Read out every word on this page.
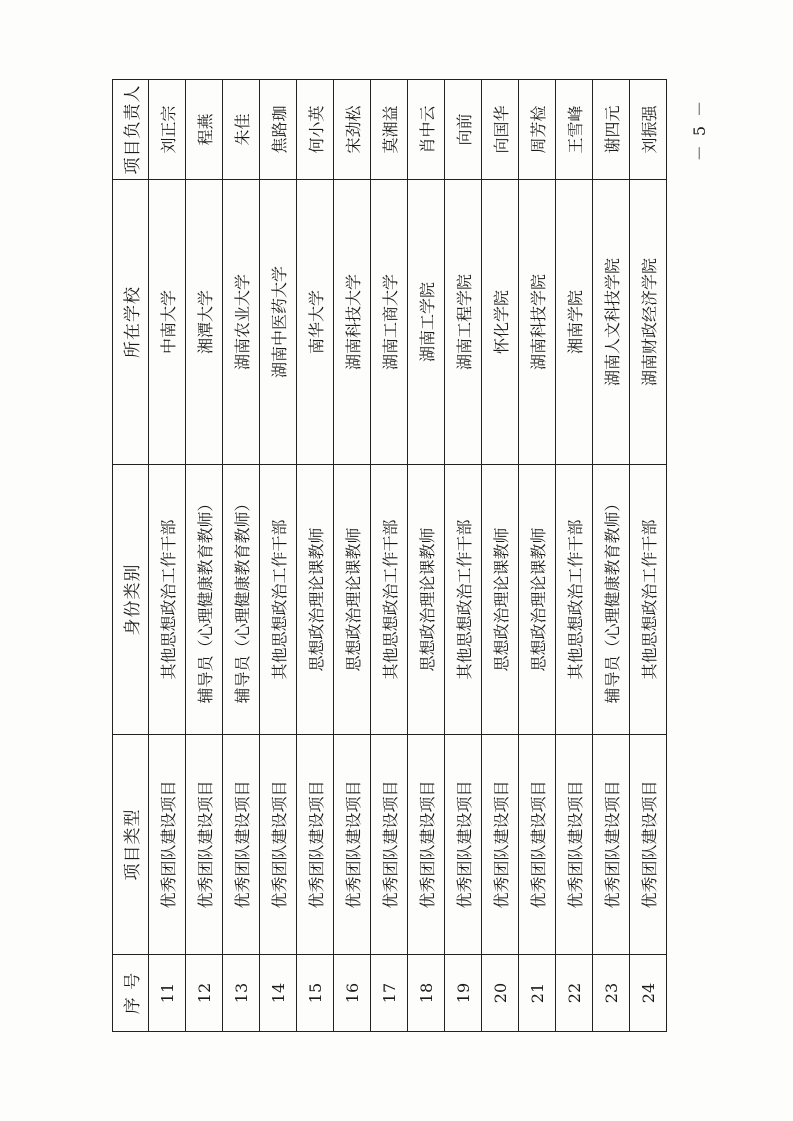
序 号	项目类型	身份类别	所在学校	项目负责人
11	优秀团队建设项目	其他思想政治工作干部	中南大学	刘正宗
12	优秀团队建设项目	辅导员（心理健康教育教师）	湘潭大学	程燕
13	优秀团队建设项目	辅导员（心理健康教育教师）	湖南农业大学	朱佳
14	优秀团队建设项目	其他思想政治工作干部	湖南中医药大学	焦路珈
15	优秀团队建设项目	思想政治理论课教师	南华大学	何小英
16	优秀团队建设项目	思想政治理论课教师	湖南科技大学	宋劲松
17	优秀团队建设项目	其他思想政治工作干部	湖南工商大学	莫湘益
18	优秀团队建设项目	思想政治理论课教师	湖南工学院	肖中云
19	优秀团队建设项目	其他思想政治工作干部	湖南工程学院	向前
20	优秀团队建设项目	思想政治理论课教师	怀化学院	向国华
21	优秀团队建设项目	思想政治理论课教师	湖南科技学院	周芳检
22	优秀团队建设项目	其他思想政治工作干部	湘南学院	王雪峰
23	优秀团队建设项目	辅导员（心理健康教育教师）	湖南人文科技学院	谢四元
24	优秀团队建设项目	其他思想政治工作干部	湖南财政经济学院	刘振强 － 5 －
